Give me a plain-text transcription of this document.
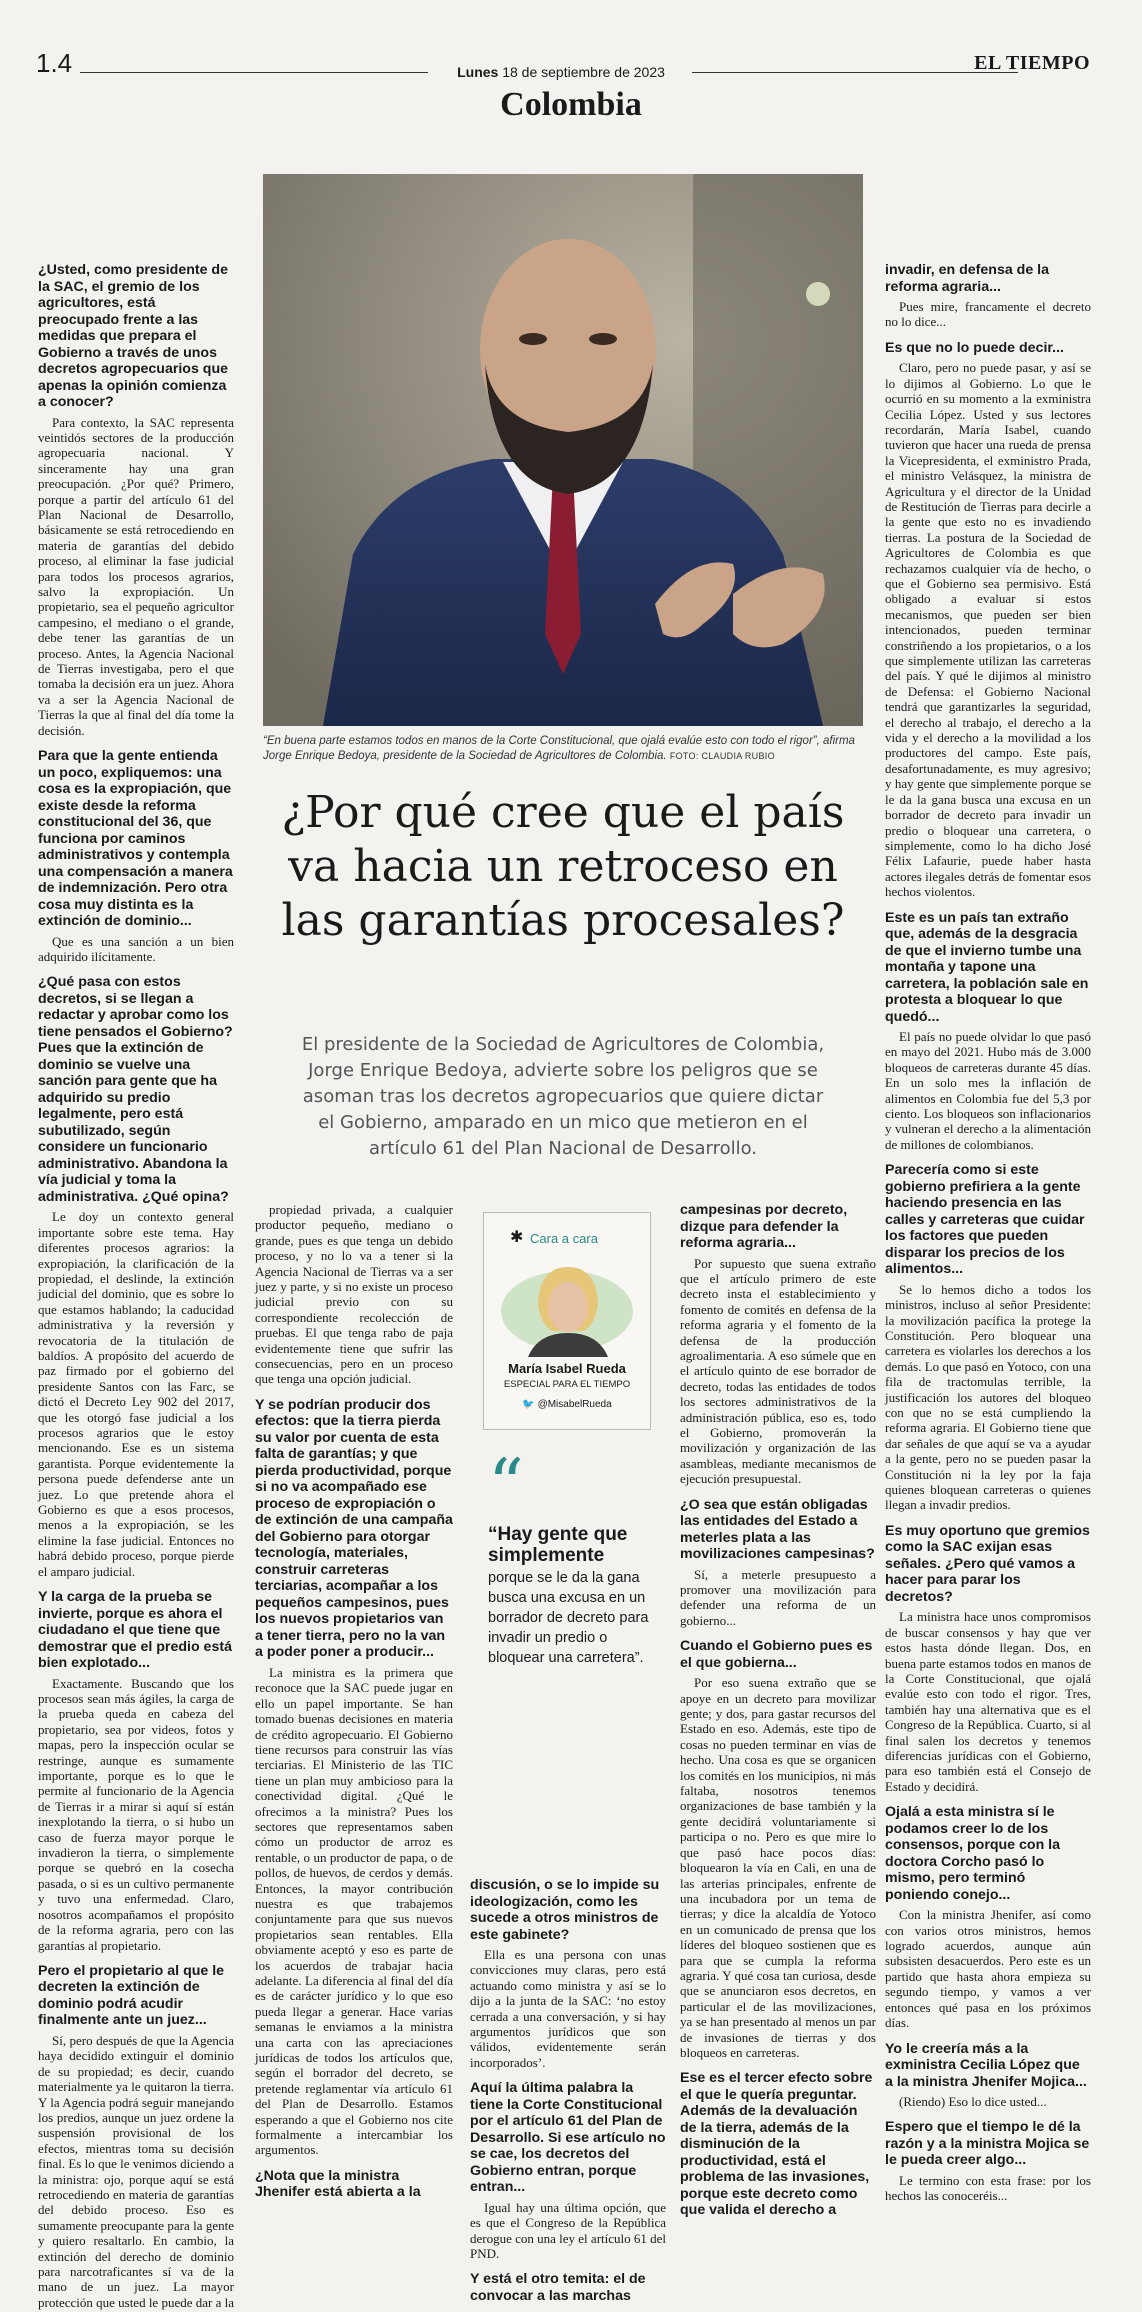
1.4	Lunes 18 de septiembre de 2023	EL TIEMPO
Colombia
“En buena parte estamos todos en manos de la Corte Constitucional, que ojalá evalúe esto con todo el rigor”, afirma Jorge Enrique Bedoya, presidente de la Sociedad de Agricultores de Colombia. FOTO: CLAUDIA RUBIO
¿Por qué cree que el país va hacia un retroceso en las garantías procesales?
El presidente de la Sociedad de Agricultores de Colombia, Jorge Enrique Bedoya, advierte sobre los peligros que se asoman tras los decretos agropecuarios que quiere dictar el Gobierno, amparado en un mico que metieron en el artículo 61 del Plan Nacional de Desarrollo.
¿Usted, como presidente de la SAC, el gremio de los agricultores, está preocupado frente a las medidas que prepara el Gobierno a través de unos decretos agropecuarios que apenas la opinión comienza a conocer?

Para contexto, la SAC representa veintidós sectores de la producción agropecuaria nacional. Y sinceramente hay una gran preocupación. ¿Por qué? Primero, porque a partir del artículo 61 del Plan Nacional de Desarrollo, básicamente se está retrocediendo en materia de garantías del debido proceso, al eliminar la fase judicial para todos los procesos agrarios, salvo la expropiación. Un propietario, sea el pequeño agricultor campesino, el mediano o el grande, debe tener las garantías de un proceso. Antes, la Agencia Nacional de Tierras investigaba, pero el que tomaba la decisión era un juez. Ahora va a ser la Agencia Nacional de Tierras la que al final del día tome la decisión.

Para que la gente entienda un poco, expliquemos: una cosa es la expropiación, que existe desde la reforma constitucional del 36, que funciona por caminos administrativos y contempla una compensación a manera de indemnización. Pero otra cosa muy distinta es la extinción de dominio...

Que es una sanción a un bien adquirido ilícitamente.

¿Qué pasa con estos decretos, si se llegan a redactar y aprobar como los tiene pensados el Gobierno? Pues que la extinción de dominio se vuelve una sanción para gente que ha adquirido su predio legalmente, pero está subutilizado, según considere un funcionario administrativo. Abandona la vía judicial y toma la administrativa. ¿Qué opina?

Le doy un contexto general importante sobre este tema. Hay diferentes procesos agrarios: la expropiación, la clarificación de la propiedad, el deslinde, la extinción judicial del dominio, que es sobre lo que estamos hablando; la caducidad administrativa y la reversión y revocatoria de la titulación de baldíos. A propósito del acuerdo de paz firmado por el gobierno del presidente Santos con las Farc, se dictó el Decreto Ley 902 del 2017, que les otorgó fase judicial a los procesos agrarios que le estoy mencionando. Ese es un sistema garantista. Porque evidentemente la persona puede defenderse ante un juez. Lo que pretende ahora el Gobierno es que a esos procesos, menos a la expropiación, se les elimine la fase judicial. Entonces no habrá debido proceso, porque pierde el amparo judicial.

Y la carga de la prueba se invierte, porque es ahora el ciudadano el que tiene que demostrar que el predio está bien explotado...

Exactamente. Buscando que los procesos sean más ágiles, la carga de la prueba queda en cabeza del propietario, sea por videos, fotos y mapas, pero la inspección ocular se restringe, aunque es sumamente importante, porque es lo que le permite al funcionario de la Agencia de Tierras ir a mirar si aquí sí están inexplotando la tierra, o si hubo un caso de fuerza mayor porque le invadieron la tierra, o simplemente porque se quebró en la cosecha pasada, o si es un cultivo permanente y tuvo una enfermedad. Claro, nosotros acompañamos el propósito de la reforma agraria, pero con las garantías al propietario.

Pero el propietario al que le decreten la extinción de dominio podrá acudir finalmente ante un juez...

Sí, pero después de que la Agencia haya decidido extinguir el dominio de su propiedad; es decir, cuando materialmente ya le quitaron la tierra. Y la Agencia podrá seguir manejando los predios, aunque un juez ordene la suspensión provisional de los efectos, mientras toma su decisión final. Es lo que le venimos diciendo a la ministra: ojo, porque aquí se está retrocediendo en materia de garantías del debido proceso. Eso es sumamente preocupante para la gente y quiero resaltarlo. En cambio, la extinción del derecho de dominio para narcotraficantes sí va de la mano de un juez. La mayor protección que usted le puede dar a la

propiedad privada, a cualquier productor pequeño, mediano o grande, pues es que tenga un debido proceso, y no lo va a tener si la Agencia Nacional de Tierras va a ser juez y parte, y si no existe un proceso judicial previo con su correspondiente recolección de pruebas. El que tenga rabo de paja evidentemente tiene que sufrir las consecuencias, pero en un proceso que tenga una opción judicial.

Y se podrían producir dos efectos: que la tierra pierda su valor por cuenta de esta falta de garantías; y que pierda productividad, porque si no va acompañado ese proceso de expropiación o de extinción de una campaña del Gobierno para otorgar tecnología, materiales, construir carreteras terciarias, acompañar a los pequeños campesinos, pues los nuevos propietarios van a tener tierra, pero no la van a poder poner a producir...

La ministra es la primera que reconoce que la SAC puede jugar en ello un papel importante. Se han tomado buenas decisiones en materia de crédito agropecuario. El Gobierno tiene recursos para construir las vías terciarias. El Ministerio de las TIC tiene un plan muy ambicioso para la conectividad digital. ¿Qué le ofrecimos a la ministra? Pues los sectores que representamos saben cómo un productor de arroz es rentable, o un productor de papa, o de pollos, de huevos, de cerdos y demás. Entonces, la mayor contribución nuestra es que trabajemos conjuntamente para que sus nuevos propietarios sean rentables. Ella obviamente aceptó y eso es parte de los acuerdos de trabajar hacia adelante. La diferencia al final del día es de carácter jurídico y lo que eso pueda llegar a generar. Hace varias semanas le enviamos a la ministra una carta con las apreciaciones jurídicas de todos los artículos que, según el borrador del decreto, se pretende reglamentar vía artículo 61 del Plan de Desarrollo. Estamos esperando a que el Gobierno nos cite formalmente a intercambiar los argumentos.

¿Nota que la ministra Jhenifer está abierta a la
discusión, o se lo impide su ideologización, como les sucede a otros ministros de este gabinete?

Ella es una persona con unas convicciones muy claras, pero está actuando como ministra y así se lo dijo a la junta de la SAC: ‘no estoy cerrada a una conversación, y si hay argumentos jurídicos que son válidos, evidentemente serán incorporados’.

Aquí la última palabra la tiene la Corte Constitucional por el artículo 61 del Plan de Desarrollo. Si ese artículo no se cae, los decretos del Gobierno entran, porque entran...

Igual hay una última opción, que es que el Congreso de la República derogue con una ley el artículo 61 del PND.

Y está el otro temita: el de convocar a las marchas
campesinas por decreto, dizque para defender la reforma agraria...

Por supuesto que suena extraño que el artículo primero de este decreto insta el establecimiento y fomento de comités en defensa de la reforma agraria y el fomento de la defensa de la producción agroalimentaria. A eso súmele que en el artículo quinto de ese borrador de decreto, todas las entidades de todos los sectores administrativos de la administración pública, eso es, todo el Gobierno, promoverán la movilización y organización de las asambleas, mediante mecanismos de ejecución presupuestal.

¿O sea que están obligadas las entidades del Estado a meterles plata a las movilizaciones campesinas?

Sí, a meterle presupuesto a promover una movilización para defender una reforma de un gobierno...

Cuando el Gobierno pues es el que gobierna...

Por eso suena extraño que se apoye en un decreto para movilizar gente; y dos, para gastar recursos del Estado en eso. Además, este tipo de cosas no pueden terminar en vías de hecho. Una cosa es que se organicen los comités en los municipios, ni más faltaba, nosotros tenemos organizaciones de base también y la gente decidirá voluntariamente si participa o no. Pero es que mire lo que pasó hace pocos días: bloquearon la vía en Cali, en una de las arterias principales, enfrente de una incubadora por un tema de tierras; y dice la alcaldía de Yotoco en un comunicado de prensa que los líderes del bloqueo sostienen que es para que se cumpla la reforma agraria. Y qué cosa tan curiosa, desde que se anunciaron esos decretos, en particular el de las movilizaciones, ya se han presentado al menos un par de invasiones de tierras y dos bloqueos en carreteras.

Ese es el tercer efecto sobre el que le quería preguntar. Además de la devaluación de la tierra, además de la disminución de la productividad, está el problema de las invasiones, porque este decreto como que valida el derecho a
invadir, en defensa de la reforma agraria...

Pues mire, francamente el decreto no lo dice...

Es que no lo puede decir...

Claro, pero no puede pasar, y así se lo dijimos al Gobierno. Lo que le ocurrió en su momento a la exministra Cecilia López. Usted y sus lectores recordarán, María Isabel, cuando tuvieron que hacer una rueda de prensa la Vicepresidenta, el exministro Prada, el ministro Velásquez, la ministra de Agricultura y el director de la Unidad de Restitución de Tierras para decirle a la gente que esto no es invadiendo tierras. La postura de la Sociedad de Agricultores de Colombia es que rechazamos cualquier vía de hecho, o que el Gobierno sea permisivo. Está obligado a evaluar si estos mecanismos, que pueden ser bien intencionados, pueden terminar constriñendo a los propietarios, o a los que simplemente utilizan las carreteras del país. Y qué le dijimos al ministro de Defensa: el Gobierno Nacional tendrá que garantizarles la seguridad, el derecho al trabajo, el derecho a la vida y el derecho a la movilidad a los productores del campo. Este país, desafortunadamente, es muy agresivo; y hay gente que simplemente porque se le da la gana busca una excusa en un borrador de decreto para invadir un predio o bloquear una carretera, o simplemente, como lo ha dicho José Félix Lafaurie, puede haber hasta actores ilegales detrás de fomentar esos hechos violentos.

Este es un país tan extraño que, además de la desgracia de que el invierno tumbe una montaña y tapone una carretera, la población sale en protesta a bloquear lo que quedó...

El país no puede olvidar lo que pasó en mayo del 2021. Hubo más de 3.000 bloqueos de carreteras durante 45 días. En un solo mes la inflación de alimentos en Colombia fue del 5,3 por ciento. Los bloqueos son inflacionarios y vulneran el derecho a la alimentación de millones de colombianos.

Parecería como si este gobierno prefiriera a la gente haciendo presencia en las calles y carreteras que cuidar los factores que pueden disparar los precios de los alimentos...

Se lo hemos dicho a todos los ministros, incluso al señor Presidente: la movilización pacífica la protege la Constitución. Pero bloquear una carretera es violarles los derechos a los demás. Lo que pasó en Yotoco, con una fila de tractomulas terrible, la justificación los autores del bloqueo con que no se está cumpliendo la reforma agraria. El Gobierno tiene que dar señales de que aquí se va a ayudar a la gente, pero no se pueden pasar la Constitución ni la ley por la faja quienes bloquean carreteras o quienes llegan a invadir predios.

Es muy oportuno que gremios como la SAC exijan esas señales. ¿Pero qué vamos a hacer para parar los decretos?

La ministra hace unos compromisos de buscar consensos y hay que ver estos hasta dónde llegan. Dos, en buena parte estamos todos en manos de la Corte Constitucional, que ojalá evalúe esto con todo el rigor. Tres, también hay una alternativa que es el Congreso de la República. Cuarto, si al final salen los decretos y tenemos diferencias jurídicas con el Gobierno, para eso también está el Consejo de Estado y decidirá.

Ojalá a esta ministra sí le podamos creer lo de los consensos, porque con la doctora Corcho pasó lo mismo, pero terminó poniendo conejo...

Con la ministra Jhenifer, así como con varios otros ministros, hemos logrado acuerdos, aunque aún subsisten desacuerdos. Pero este es un partido que hasta ahora empieza su segundo tiempo, y vamos a ver entonces qué pasa en los próximos días.

Yo le creería más a la exministra Cecilia López que a la ministra Jhenifer Mojica...

(Riendo) Eso lo dice usted...

Espero que el tiempo le dé la razón y a la ministra Mojica se le pueda creer algo...

Le termino con esta frase: por los hechos las conoceréis...

✱ Cara a cara
María Isabel Rueda
ESPECIAL PARA EL TIEMPO
🐦 @MisabelRueda
“
“Hay gente que simplemente
porque se le da la gana busca una excusa en un borrador de decreto para invadir un predio o bloquear una carretera”.
